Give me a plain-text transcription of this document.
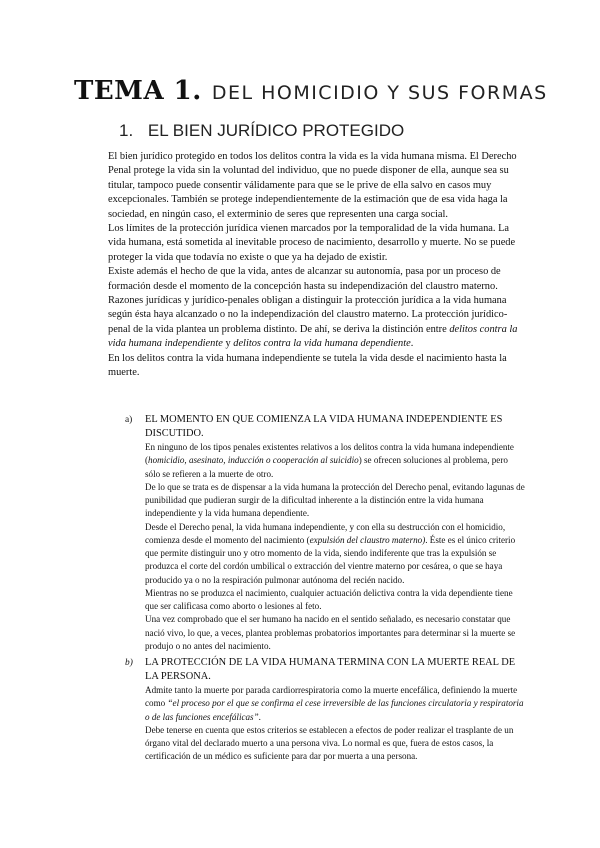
TEMA 1. DEL HOMICIDIO Y SUS FORMAS
1. EL BIEN JURÍDICO PROTEGIDO

El bien jurídico protegido en todos los delitos contra la vida es la vida humana misma. El Derecho Penal protege la vida sin la voluntad del individuo, que no puede disponer de ella, aunque sea su titular, tampoco puede consentir válidamente para que se le prive de ella salvo en casos muy excepcionales. También se protege independientemente de la estimación que de esa vida haga la sociedad, en ningún caso, el exterminio de seres que representen una carga social.

Los límites de la protección jurídica vienen marcados por la temporalidad de la vida humana. La vida humana, está sometida al inevitable proceso de nacimiento, desarrollo y muerte. No se puede proteger la vida que todavía no existe o que ya ha dejado de existir.

Existe además el hecho de que la vida, antes de alcanzar su autonomía, pasa por un proceso de formación desde el momento de la concepción hasta su independización del claustro materno. Razones jurídicas y jurídico-penales obligan a distinguir la protección jurídica a la vida humana según ésta haya alcanzado o no la independización del claustro materno. La protección jurídico-penal de la vida plantea un problema distinto. De ahí, se deriva la distinción entre delitos contra la vida humana independiente y delitos contra la vida humana dependiente.

En los delitos contra la vida humana independiente se tutela la vida desde el nacimiento hasta la muerte.

a) EL MOMENTO EN QUE COMIENZA LA VIDA HUMANA INDEPENDIENTE ES DISCUTIDO.

En ninguno de los tipos penales existentes relativos a los delitos contra la vida humana independiente (homicidio, asesinato, inducción o cooperación al suicidio) se ofrecen soluciones al problema, pero sólo se refieren a la muerte de otro.

De lo que se trata es de dispensar a la vida humana la protección del Derecho penal, evitando lagunas de punibilidad que pudieran surgir de la dificultad inherente a la distinción entre la vida humana independiente y la vida humana dependiente.

Desde el Derecho penal, la vida humana independiente, y con ella su destrucción con el homicidio, comienza desde el momento del nacimiento (expulsión del claustro materno). Éste es el único criterio que permite distinguir uno y otro momento de la vida, siendo indiferente que tras la expulsión se produzca el corte del cordón umbilical o extracción del vientre materno por cesárea, o que se haya producido ya o no la respiración pulmonar autónoma del recién nacido.

Mientras no se produzca el nacimiento, cualquier actuación delictiva contra la vida dependiente tiene que ser calificasa como aborto o lesiones al feto.

Una vez comprobado que el ser humano ha nacido en el sentido señalado, es necesario constatar que nació vivo, lo que, a veces, plantea problemas probatorios importantes para determinar si la muerte se produjo o no antes del nacimiento.

b) LA PROTECCIÓN DE LA VIDA HUMANA TERMINA CON LA MUERTE REAL DE LA PERSONA.

Admite tanto la muerte por parada cardiorrespiratoria como la muerte encefálica, definiendo la muerte como “el proceso por el que se confirma el cese irreversible de las funciones circulatoria y respiratoria o de las funciones encefálicas”.

Debe tenerse en cuenta que estos criterios se establecen a efectos de poder realizar el trasplante de un órgano vital del declarado muerto a una persona viva. Lo normal es que, fuera de estos casos, la certificación de un médico es suficiente para dar por muerta a una persona.
